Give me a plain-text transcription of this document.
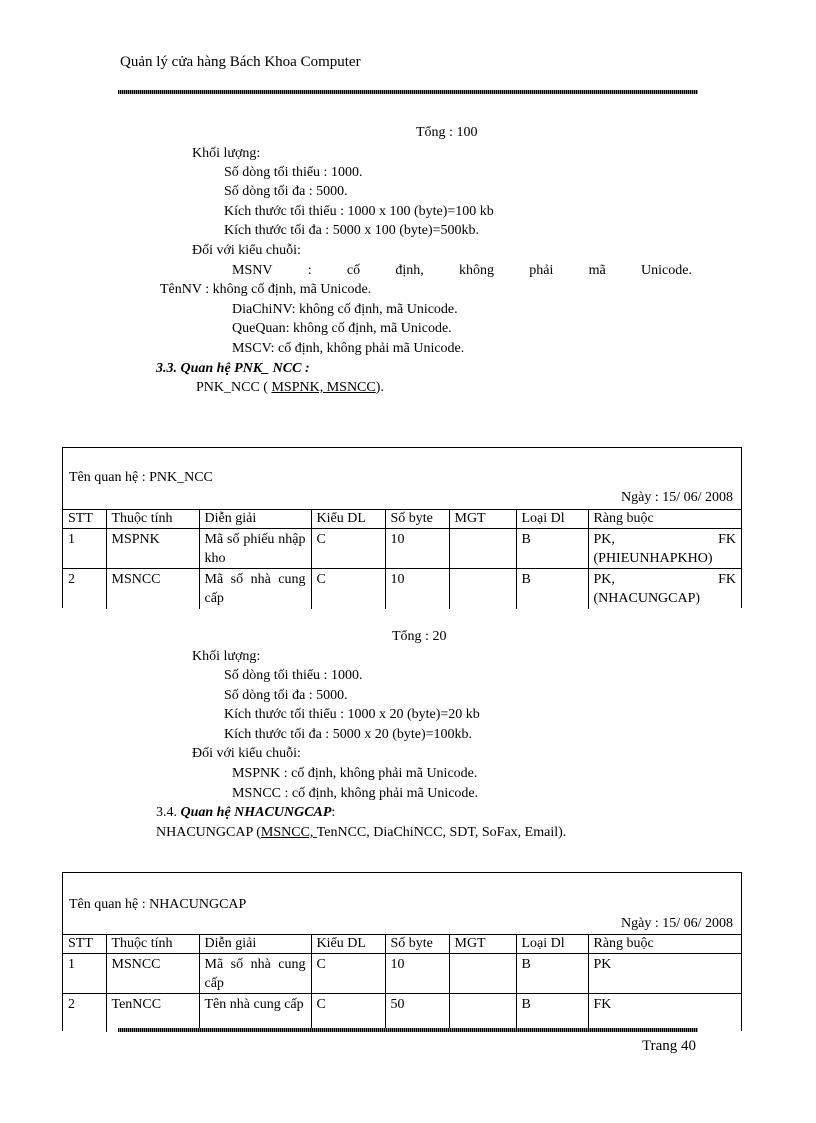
Quản lý cửa hàng Bách Khoa Computer
Tổng : 100
Khối lượng:
Số dòng tối thiểu : 1000.
Số dòng tối đa : 5000.
Kích thước tối thiểu : 1000 x 100 (byte)=100 kb
Kích thước tối đa : 5000 x 100 (byte)=500kb.
Đối với kiểu chuỗi:
MSNV	:	cố	định,	không	phải	mã	Unicode.
TênNV : không cố định, mã Unicode.
DiaChiNV: không cố định, mã Unicode.
QueQuan: không cố định, mã Unicode.
MSCV: cố định, không phải mã Unicode.
3.3. Quan hệ PNK_ NCC :
PNK_NCC ( MSPNK, MSNCC).
Tên quan hệ : PNK_NCC
Ngày : 15/ 06/ 2008
STT	Thuộc tính	Diễn giải	Kiểu DL	Số byte	MGT	Loại Dl	Ràng buộc
1	MSPNK	Mã số phiếu nhập kho	C	10		B	PK, FK (PHIEUNHAPKHO)
2	MSNCC	Mã số nhà cung cấp	C	10		B	PK, FK (NHACUNGCAP)
Tổng : 20
Khối lượng:
Số dòng tối thiểu : 1000.
Số dòng tối đa : 5000.
Kích thước tối thiểu : 1000 x 20 (byte)=20 kb
Kích thước tối đa : 5000 x 20 (byte)=100kb.
Đối với kiểu chuỗi:
MSPNK : cố định, không phải mã Unicode.
MSNCC : cố định, không phải mã Unicode.
3.4. Quan hệ NHACUNGCAP:
NHACUNGCAP (MSNCC, TenNCC, DiaChiNCC, SDT, SoFax, Email).
Tên quan hệ : NHACUNGCAP
Ngày : 15/ 06/ 2008
STT	Thuộc tính	Diễn giải	Kiểu DL	Số byte	MGT	Loại Dl	Ràng buộc
1	MSNCC	Mã số nhà cung cấp	C	10		B	PK
2	TenNCC	Tên nhà cung cấp	C	50		B	FK
Trang 40
